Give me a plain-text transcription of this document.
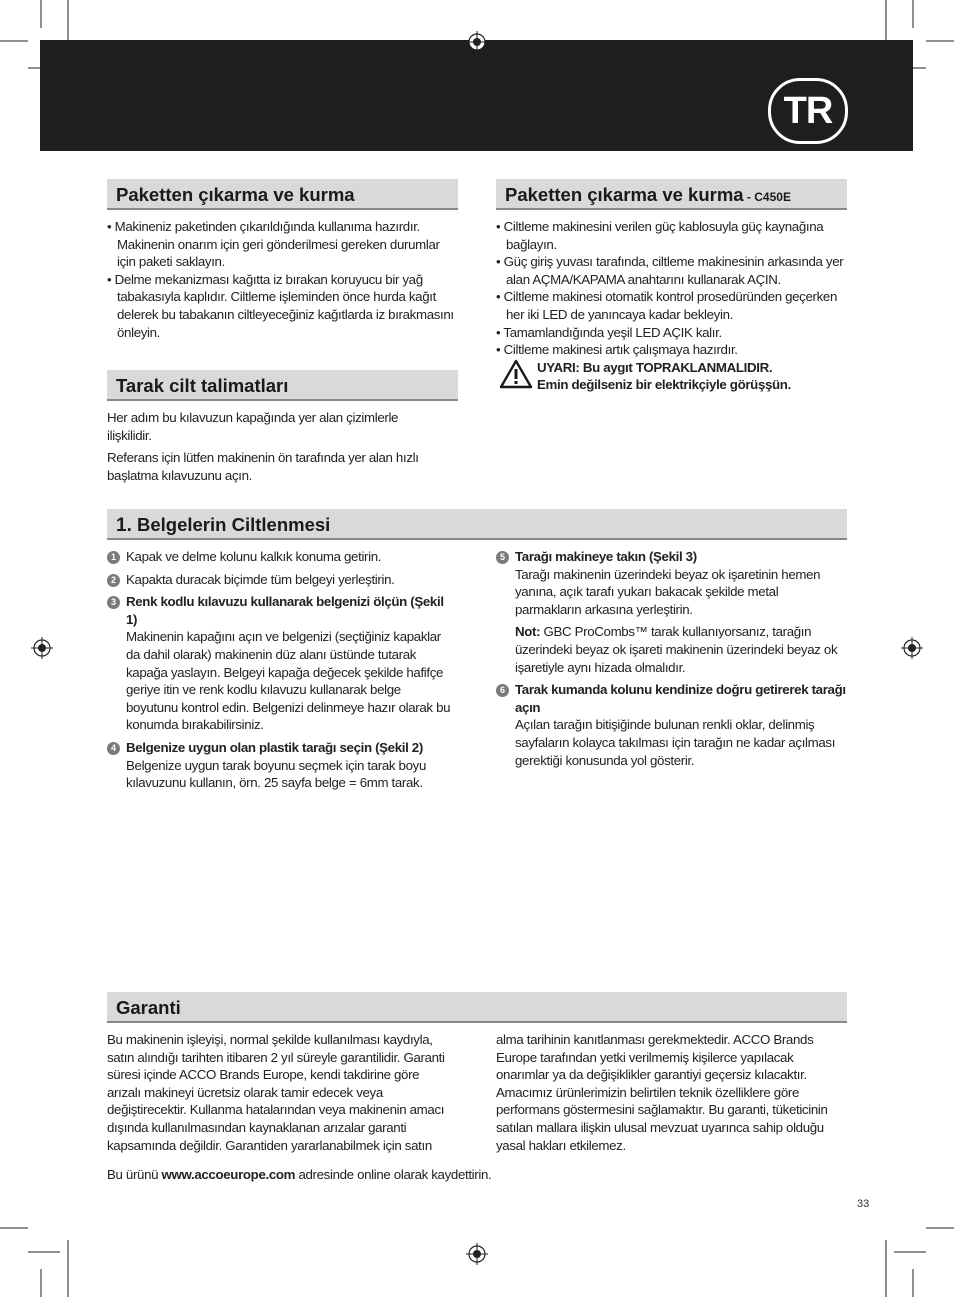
TR
Paketten çıkarma ve kurma

• Makineniz paketinden çıkarıldığında kullanıma hazırdır. Makinenin onarım için geri gönderilmesi gereken durumlar için paketi saklayın.

• Delme mekanizması kağıtta iz bırakan koruyucu bir yağ tabakasıyla kaplıdır. Ciltleme işleminden önce hurda kağıt delerek bu tabakanın ciltleyeceğiniz kağıtlarda iz bırakmasını önleyin.

Tarak cilt talimatları

Her adım bu kılavuzun kapağında yer alan çizimlerle ilişkilidir.

Referans için lütfen makinenin ön tarafında yer alan hızlı başlatma kılavuzunu açın.

Paketten çıkarma ve kurma - C450E

• Ciltleme makinesini verilen güç kablosuyla güç kaynağına bağlayın.

• Güç giriş yuvası tarafında, ciltleme makinesinin arkasında yer alan AÇMA/KAPAMA anahtarını kullanarak AÇIN.

• Ciltleme makinesi otomatik kontrol prosedüründen geçerken her iki LED de yanıncaya kadar bekleyin.

• Tamamlandığında yeşil LED AÇIK kalır.

• Ciltleme makinesi artık çalışmaya hazırdır.

UYARI: Bu aygıt TOPRAKLANMALIDIR.
Emin değilseniz bir elektrikçiyle görüşşün.
1. Belgelerin Ciltlenmesi
1 Kapak ve delme kolunu kalkık konuma getirin.
2 Kapakta duracak biçimde tüm belgeyi yerleştirin.
3 Renk kodlu kılavuzu kullanarak belgenizi ölçün (Şekil 1)
Makinenin kapağını açın ve belgenizi (seçtiğiniz kapaklar da dahil olarak) makinenin düz alanı üstünde tutarak kapağa yaslayın. Belgeyi kapağa değecek şekilde hafifçe geriye itin ve renk kodlu kılavuzu kullanarak belge boyutunu kontrol edin. Belgenizi delinmeye hazır olarak bu konumda bırakabilirsiniz.
4 Belgenize uygun olan plastik tarağı seçin (Şekil 2)
Belgenize uygun tarak boyunu seçmek için tarak boyu kılavuzunu kullanın, örn. 25 sayfa belge = 6mm tarak.
5 Tarağı makineye takın (Şekil 3)
Tarağı makinenin üzerindeki beyaz ok işaretinin hemen yanına, açık tarafı yukarı bakacak şekilde metal parmakların arkasına yerleştirin.

Not: GBC ProCombs™ tarak kullanıyorsanız, tarağın üzerindeki beyaz ok işareti makinenin üzerindeki beyaz ok işaretiyle aynı hizada olmalıdır.

6 Tarak kumanda kolunu kendinize doğru getirerek tarağı açın
Açılan tarağın bitişiğinde bulunan renkli oklar, delinmiş sayfaların kolayca takılması için tarağın ne kadar açılması gerektiği konusunda yol gösterir.
Garanti

Bu makinenin işleyişi, normal şekilde kullanılması kaydıyla, satın alındığı tarihten itibaren 2 yıl süreyle garantilidir. Garanti süresi içinde ACCO Brands Europe, kendi takdirine göre arızalı makineyi ücretsiz olarak tamir edecek veya değiştirecektir. Kullanma hatalarından veya makinenin amacı dışında kullanılmasından kaynaklanan arızalar garanti kapsamında değildir. Garantiden yararlanabilmek için satın

alma tarihinin kanıtlanması gerekmektedir. ACCO Brands Europe tarafından yetki verilmemiş kişilerce yapılacak onarımlar ya da değişiklikler garantiyi geçersiz kılacaktır. Amacımız ürünlerimizin belirtilen teknik özelliklere göre performans göstermesini sağlamaktır. Bu garanti, tüketicinin satılan mallara ilişkin ulusal mevzuat uyarınca sahip olduğu yasal hakları etkilemez.

Bu ürünü www.accoeurope.com adresinde online olarak kaydettirin.
33
